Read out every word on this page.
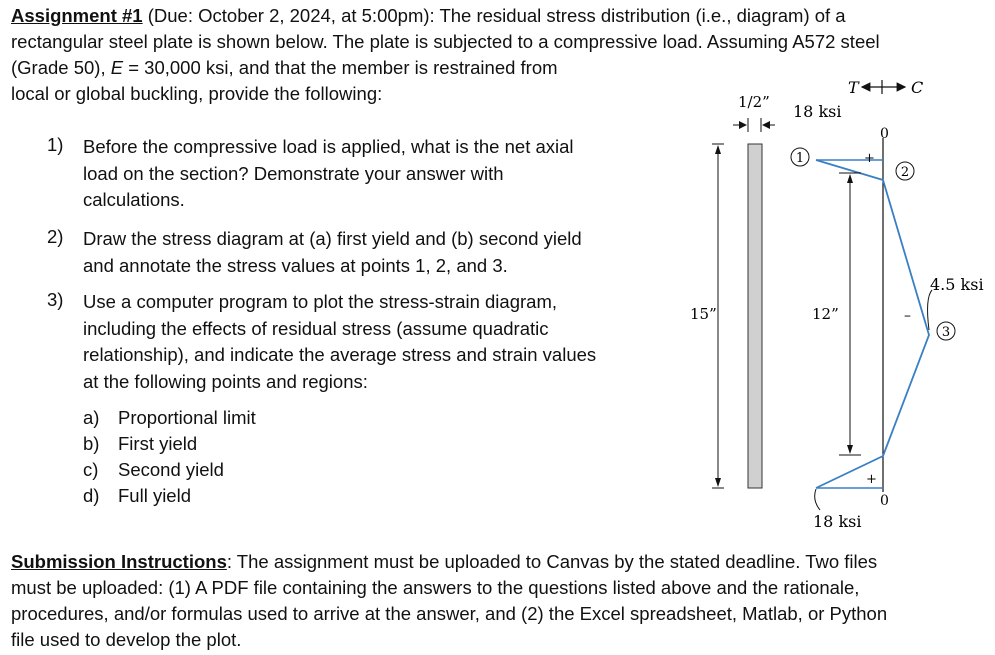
Assignment #1 (Due: October 2, 2024, at 5:00pm): The residual stress distribution (i.e., diagram) of a
rectangular steel plate is shown below. The plate is subjected to a compressive load. Assuming A572 steel
(Grade 50), E = 30,000 ksi, and that the member is restrained from
local or global buckling, provide the following:
1) Before the compressive load is applied, what is the net axial
load on the section? Demonstrate your answer with
calculations.
2) Draw the stress diagram at (a) first yield and (b) second yield
and annotate the stress values at points 1, 2, and 3.
3) Use a computer program to plot the stress-strain diagram,
including the effects of residual stress (assume quadratic
relationship), and indicate the average stress and strain values
at the following points and regions:
a) Proportional limit
b) First yield
c) Second yield
d) Full yield
T	C
1/2”
15”	12”
18 ksi
18 ksi
4.5 ksi
0
0
+
+
–
1
2
3
Submission Instructions: The assignment must be uploaded to Canvas by the stated deadline. Two files
must be uploaded: (1) A PDF file containing the answers to the questions listed above and the rationale,
procedures, and/or formulas used to arrive at the answer, and (2) the Excel spreadsheet, Matlab, or Python
file used to develop the plot.
